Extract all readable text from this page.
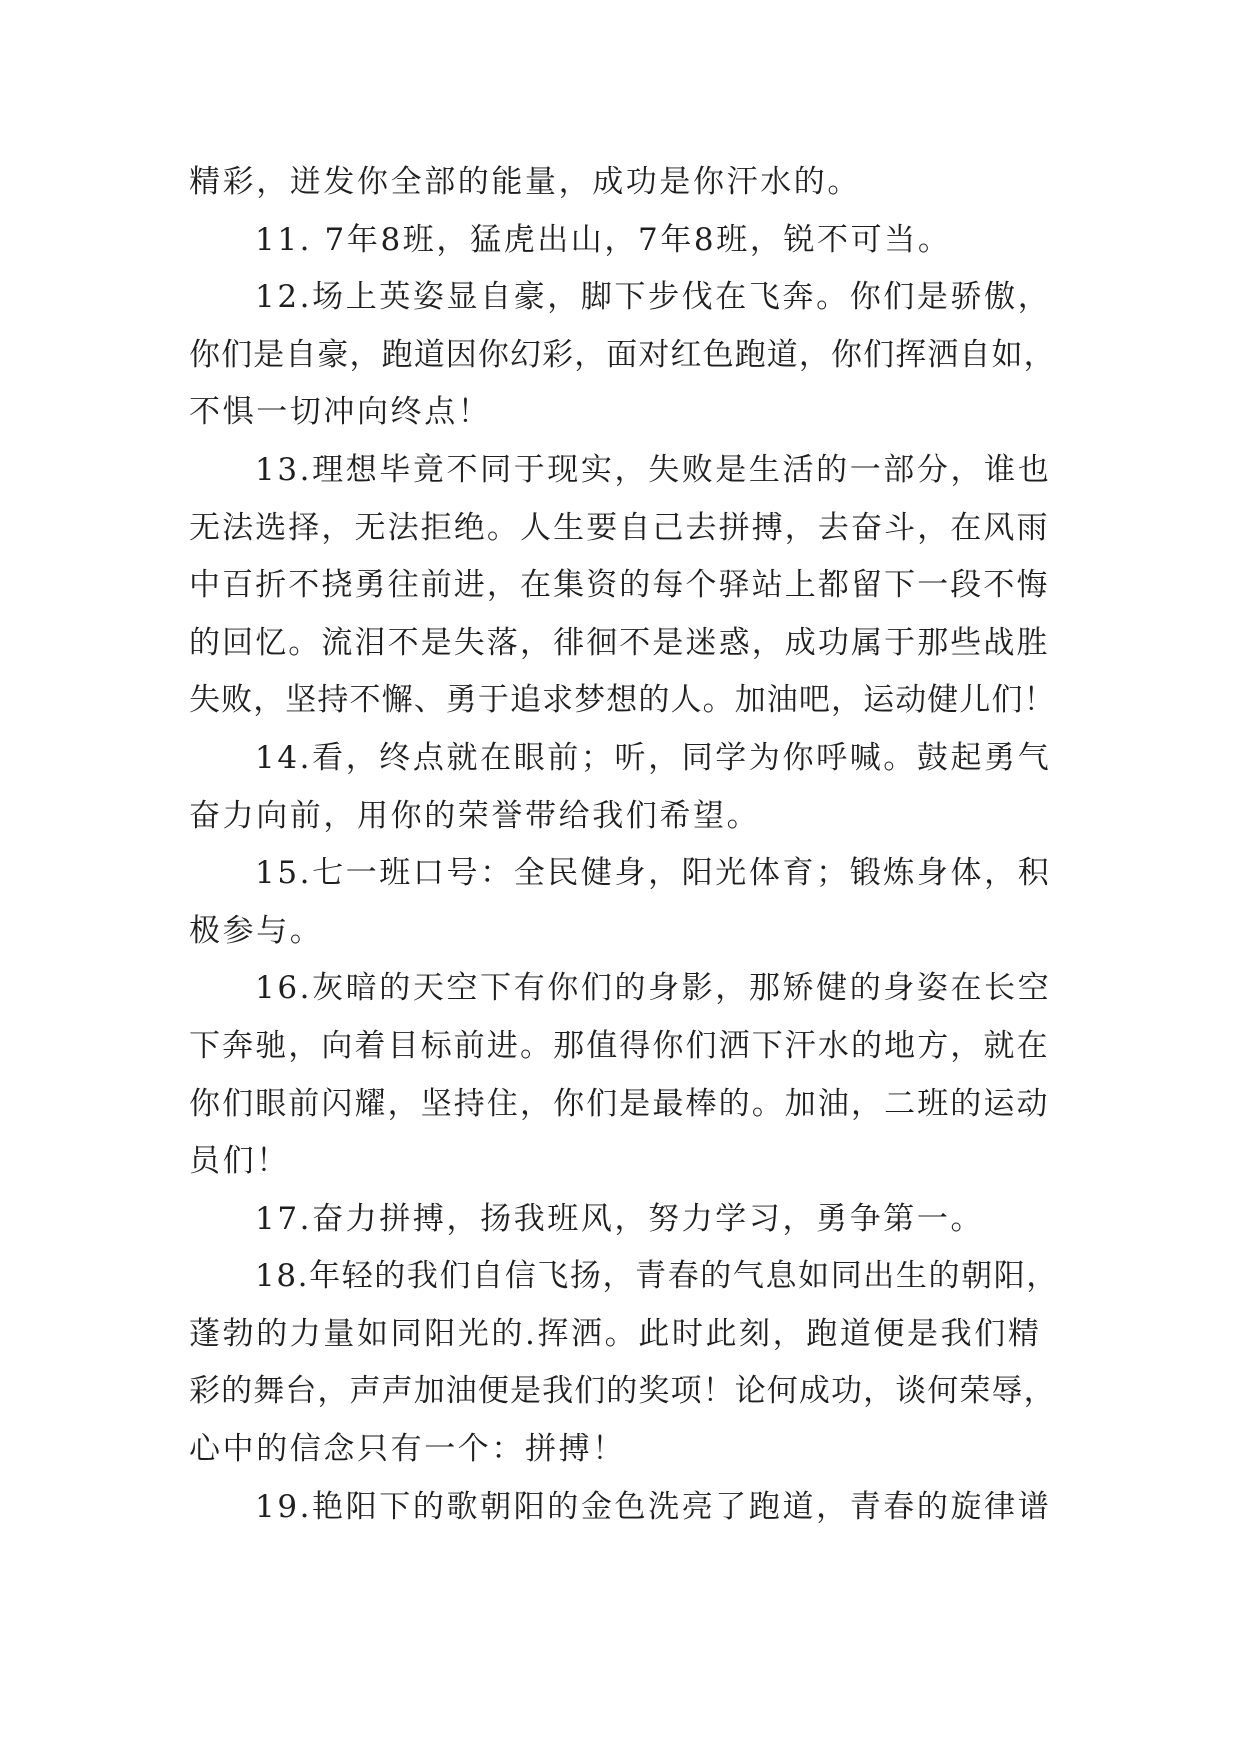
精彩，迸发你全部的能量，成功是你汗水的。
11. 7年8班，猛虎出山，7年8班，锐不可当。
12.场上英姿显自豪，脚下步伐在飞奔。你们是骄傲，
你们是自豪，跑道因你幻彩，面对红色跑道，你们挥洒自如，
不惧一切冲向终点！
13.理想毕竟不同于现实，失败是生活的一部分，谁也
无法选择，无法拒绝。人生要自己去拼搏，去奋斗，在风雨
中百折不挠勇往前进，在集资的每个驿站上都留下一段不悔
的回忆。流泪不是失落，徘徊不是迷惑，成功属于那些战胜
失败，坚持不懈、勇于追求梦想的人。加油吧，运动健儿们！
14.看，终点就在眼前；听，同学为你呼喊。鼓起勇气
奋力向前，用你的荣誉带给我们希望。
15.七一班口号：全民健身，阳光体育；锻炼身体，积
极参与。
16.灰暗的天空下有你们的身影，那矫健的身姿在长空
下奔驰，向着目标前进。那值得你们洒下汗水的地方，就在
你们眼前闪耀，坚持住，你们是最棒的。加油，二班的运动
员们！
17.奋力拼搏，扬我班风，努力学习，勇争第一。
18.年轻的我们自信飞扬，青春的气息如同出生的朝阳，
蓬勃的力量如同阳光的.挥洒。此时此刻，跑道便是我们精
彩的舞台，声声加油便是我们的奖项！论何成功，谈何荣辱，
心中的信念只有一个：拼搏！
19.艳阳下的歌朝阳的金色洗亮了跑道，青春的旋律谱
